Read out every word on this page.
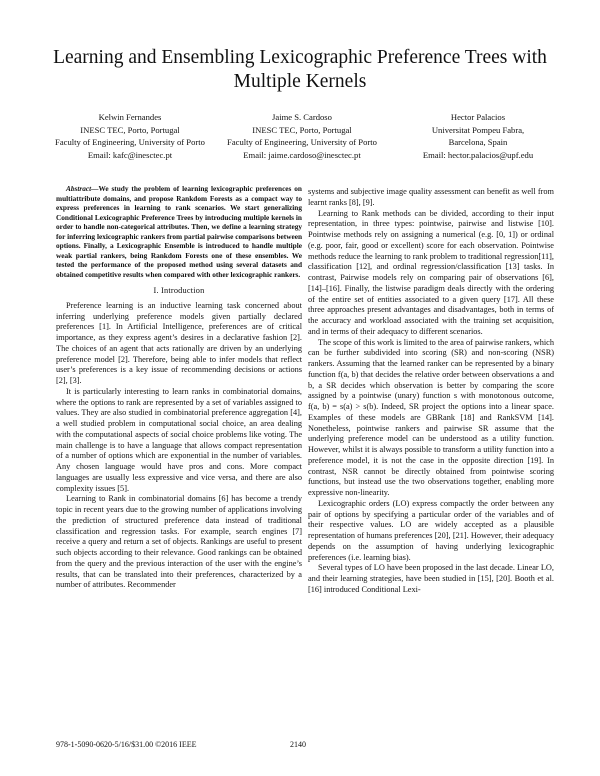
Learning and Ensembling Lexicographic Preference Trees with Multiple Kernels
Kelwin Fernandes
INESC TEC, Porto, Portugal
Faculty of Engineering, University of Porto
Email: kafc@inesctec.pt
Jaime S. Cardoso
INESC TEC, Porto, Portugal
Faculty of Engineering, University of Porto
Email: jaime.cardoso@inesctec.pt
Hector Palacios
Universitat Pompeu Fabra,
Barcelona, Spain
Email: hector.palacios@upf.edu

Abstract—We study the problem of learning lexicographic preferences on multiattribute domains, and propose Rankdom Forests as a compact way to express preferences in learning to rank scenarios. We start generalizing Conditional Lexicographic Preference Trees by introducing multiple kernels in order to handle non-categorical attributes. Then, we define a learning strategy for inferring lexicographic rankers from partial pairwise comparisons between options. Finally, a Lexicographic Ensemble is introduced to handle multiple weak partial rankers, being Rankdom Forests one of these ensembles. We tested the performance of the proposed method using several datasets and obtained competitive results when compared with other lexicographic rankers.

I. Introduction

Preference learning is an inductive learning task concerned about inferring underlying preference models given partially declared preferences [1]. In Artificial Intelligence, preferences are of critical importance, as they express agent’s desires in a declarative fashion [2]. The choices of an agent that acts rationally are driven by an underlying preference model [2]. Therefore, being able to infer models that reflect user’s preferences is a key issue of recommending decisions or actions [2], [3].

It is particularly interesting to learn ranks in combinatorial domains, where the options to rank are represented by a set of variables assigned to values. They are also studied in combinatorial preference aggregation [4], a well studied problem in computational social choice, an area dealing with the computational aspects of social choice problems like voting. The main challenge is to have a language that allows compact representation of a number of options which are exponential in the number of variables. Any chosen language would have pros and cons. More compact languages are usually less expressive and vice versa, and there are also complexity issues [5].

Learning to Rank in combinatorial domains [6] has become a trendy topic in recent years due to the growing number of applications involving the prediction of structured preference data instead of traditional classification and regression tasks. For example, search engines [7] receive a query and return a set of objects. Rankings are useful to present such objects according to their relevance. Good rankings can be obtained from the query and the previous interaction of the user with the engine’s results, that can be translated into their preferences, characterized by a number of attributes. Recommender

systems and subjective image quality assessment can benefit as well from learnt ranks [8], [9].

Learning to Rank methods can be divided, according to their input representation, in three types: pointwise, pairwise and listwise [10]. Pointwise methods rely on assigning a numerical (e.g. [0, 1]) or ordinal (e.g. poor, fair, good or excellent) score for each observation. Pointwise methods reduce the learning to rank problem to traditional regression[11], classification [12], and ordinal regression/classification [13] tasks. In contrast, Pairwise models rely on comparing pair of observations [6], [14]–[16]. Finally, the listwise paradigm deals directly with the ordering of the entire set of entities associated to a given query [17]. All these three approaches present advantages and disadvantages, both in terms of the accuracy and workload associated with the training set acquisition, and in terms of their adequacy to different scenarios.

The scope of this work is limited to the area of pairwise rankers, which can be further subdivided into scoring (SR) and non-scoring (NSR) rankers. Assuming that the learned ranker can be represented by a binary function f(a, b) that decides the relative order between observations a and b, a SR decides which observation is better by comparing the score assigned by a pointwise (unary) function s with monotonous outcome, f(a, b) = s(a) > s(b). Indeed, SR project the options into a linear space. Examples of these models are GBRank [18] and RankSVM [14]. Nonetheless, pointwise rankers and pairwise SR assume that the underlying preference model can be understood as a utility function. However, whilst it is always possible to transform a utility function into a preference model, it is not the case in the opposite direction [19]. In contrast, NSR cannot be directly obtained from pointwise scoring functions, but instead use the two observations together, enabling more expressive non-linearity.

Lexicographic orders (LO) express compactly the order between any pair of options by specifying a particular order of the variables and of their respective values. LO are widely accepted as a plausible representation of humans preferences [20], [21]. However, their adequacy depends on the assumption of having underlying lexicographic preferences (i.e. learning bias).

Several types of LO have been proposed in the last decade. Linear LO, and their learning strategies, have been studied in [15], [20]. Booth et al. [16] introduced Conditional Lexi-

978-1-5090-0620-5/16/$31.00 ©2016 IEEE	2140
